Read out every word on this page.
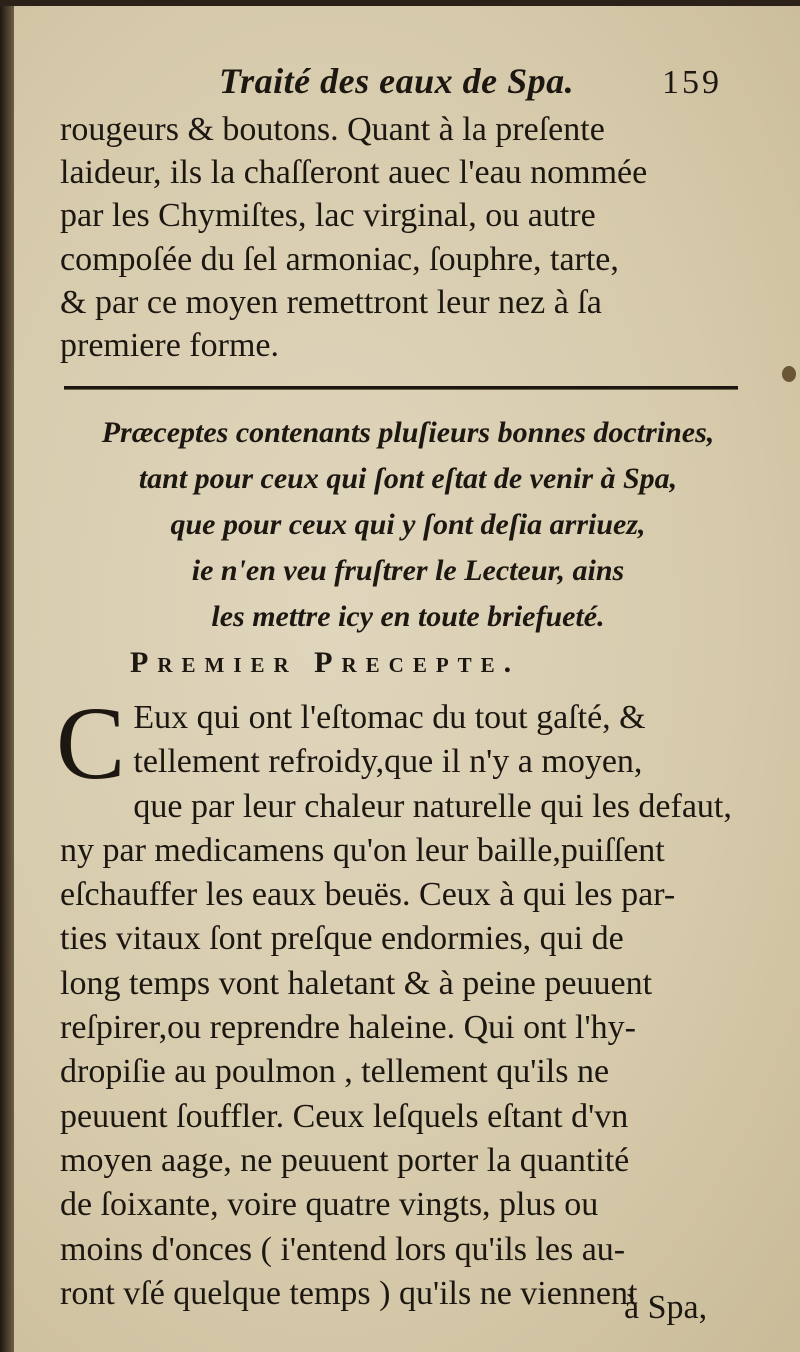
Traité des eaux de Spa.	159

rougeurs & boutons. Quant à la preſente
laideur, ils la chaſſeront auec l'eau nommée
par les Chymiſtes, lac virginal, ou autre
compoſée du ſel armoniac, ſouphre, tarte,
& par ce moyen remettront leur nez à ſa
premiere forme.

Præceptes contenants pluſieurs bonnes doctrines,
tant pour ceux qui ſont eſtat de venir à Spa,
que pour ceux qui y ſont deſia arriuez,
ie n'en veu fruſtrer le Lecteur, ains
les mettre icy en toute briefueté.

Premier Precepte.
C Eux qui ont l'eſtomac du tout gaſté, &
tellement refroidy,que il n'y a moyen,
que par leur chaleur naturelle qui les defaut,
ny par medicamens qu'on leur baille,puiſſent
eſchauffer les eaux beuës. Ceux à qui les par-
ties vitaux ſont preſque endormies, qui de
long temps vont haletant & à peine peuuent
reſpirer,ou reprendre haleine. Qui ont l'hy-
dropiſie au poulmon , tellement qu'ils ne
peuuent ſouffler. Ceux leſquels eſtant d'vn
moyen aage, ne peuuent porter la quantité
de ſoixante, voire quatre vingts, plus ou
moins d'onces ( i'entend lors qu'ils les au-
ront vſé quelque temps ) qu'ils ne viennent
à Spa,
